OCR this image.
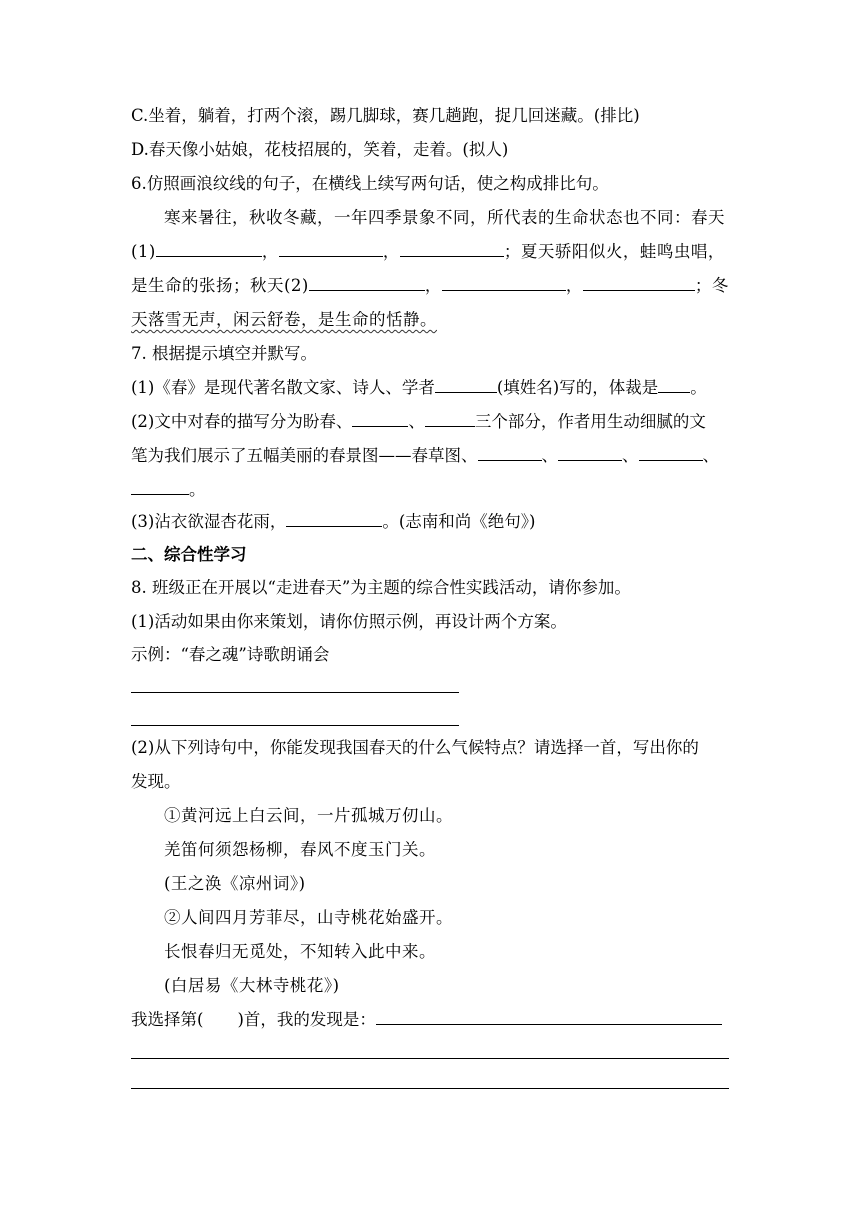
C.坐着，躺着，打两个滚，踢几脚球，赛几趟跑，捉几回迷藏。(排比)
D.春天像小姑娘，花枝招展的，笑着，走着。(拟人)
6.仿照画浪纹线的句子，在横线上续写两句话，使之构成排比句。
寒来暑往，秋收冬藏，一年四季景象不同，所代表的生命状态也不同：春天
(1)	，	，	；夏天骄阳似火，蛙鸣虫唱，
是生命的张扬；秋天(2)	，	，	；冬
天落雪无声，闲云舒卷，是生命的恬静。
7. 根据提示填空并默写。
(1)《春》是现代著名散文家、诗人、学者	(填姓名)写的，体裁是 。
(2)文中对春的描写分为盼春、	、	三个部分，作者用生动细腻的文
笔为我们展示了五幅美丽的春景图——春草图、	、	、	、
。
(3)沾衣欲湿杏花雨，	。(志南和尚《绝句》)
二、综合性学习
8. 班级正在开展以“走进春天”为主题的综合性实践活动，请你参加。
(1)活动如果由你来策划，请你仿照示例，再设计两个方案。
示例：“春之魂”诗歌朗诵会
(2)从下列诗句中，你能发现我国春天的什么气候特点？请选择一首，写出你的
发现。
①黄河远上白云间，一片孤城万仞山。
羌笛何须怨杨柳，春风不度玉门关。
(王之涣《凉州词》)
②人间四月芳菲尽，山寺桃花始盛开。
长恨春归无觅处，不知转入此中来。
(白居易《大林寺桃花》)
我选择第( )首，我的发现是：
